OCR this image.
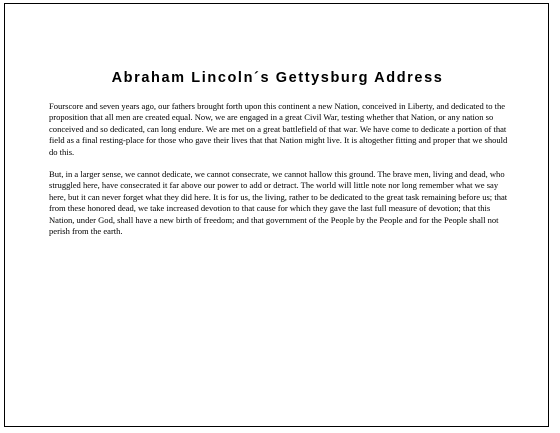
Abraham Lincoln´s Gettysburg Address

Fourscore and seven years ago, our fathers brought forth upon this continent a new Nation, conceived in Liberty, and dedicated to the proposition that all men are created equal. Now, we are engaged in a great Civil War, testing whether that Nation, or any nation so conceived and so dedicated, can long endure. We are met on a great battlefield of that war. We have come to dedicate a portion of that field as a final resting-place for those who gave their lives that that Nation might live. It is altogether fitting and proper that we should do this.

But, in a larger sense, we cannot dedicate, we cannot consecrate, we cannot hallow this ground. The brave men, living and dead, who struggled here, have consecrated it far above our power to add or detract. The world will little note nor long remember what we say here, but it can never forget what they did here. It is for us, the living, rather to be dedicated to the great task remaining before us; that from these honored dead, we take increased devotion to that cause for which they gave the last full measure of devotion; that this Nation, under God, shall have a new birth of freedom; and that government of the People by the People and for the People shall not perish from the earth.
